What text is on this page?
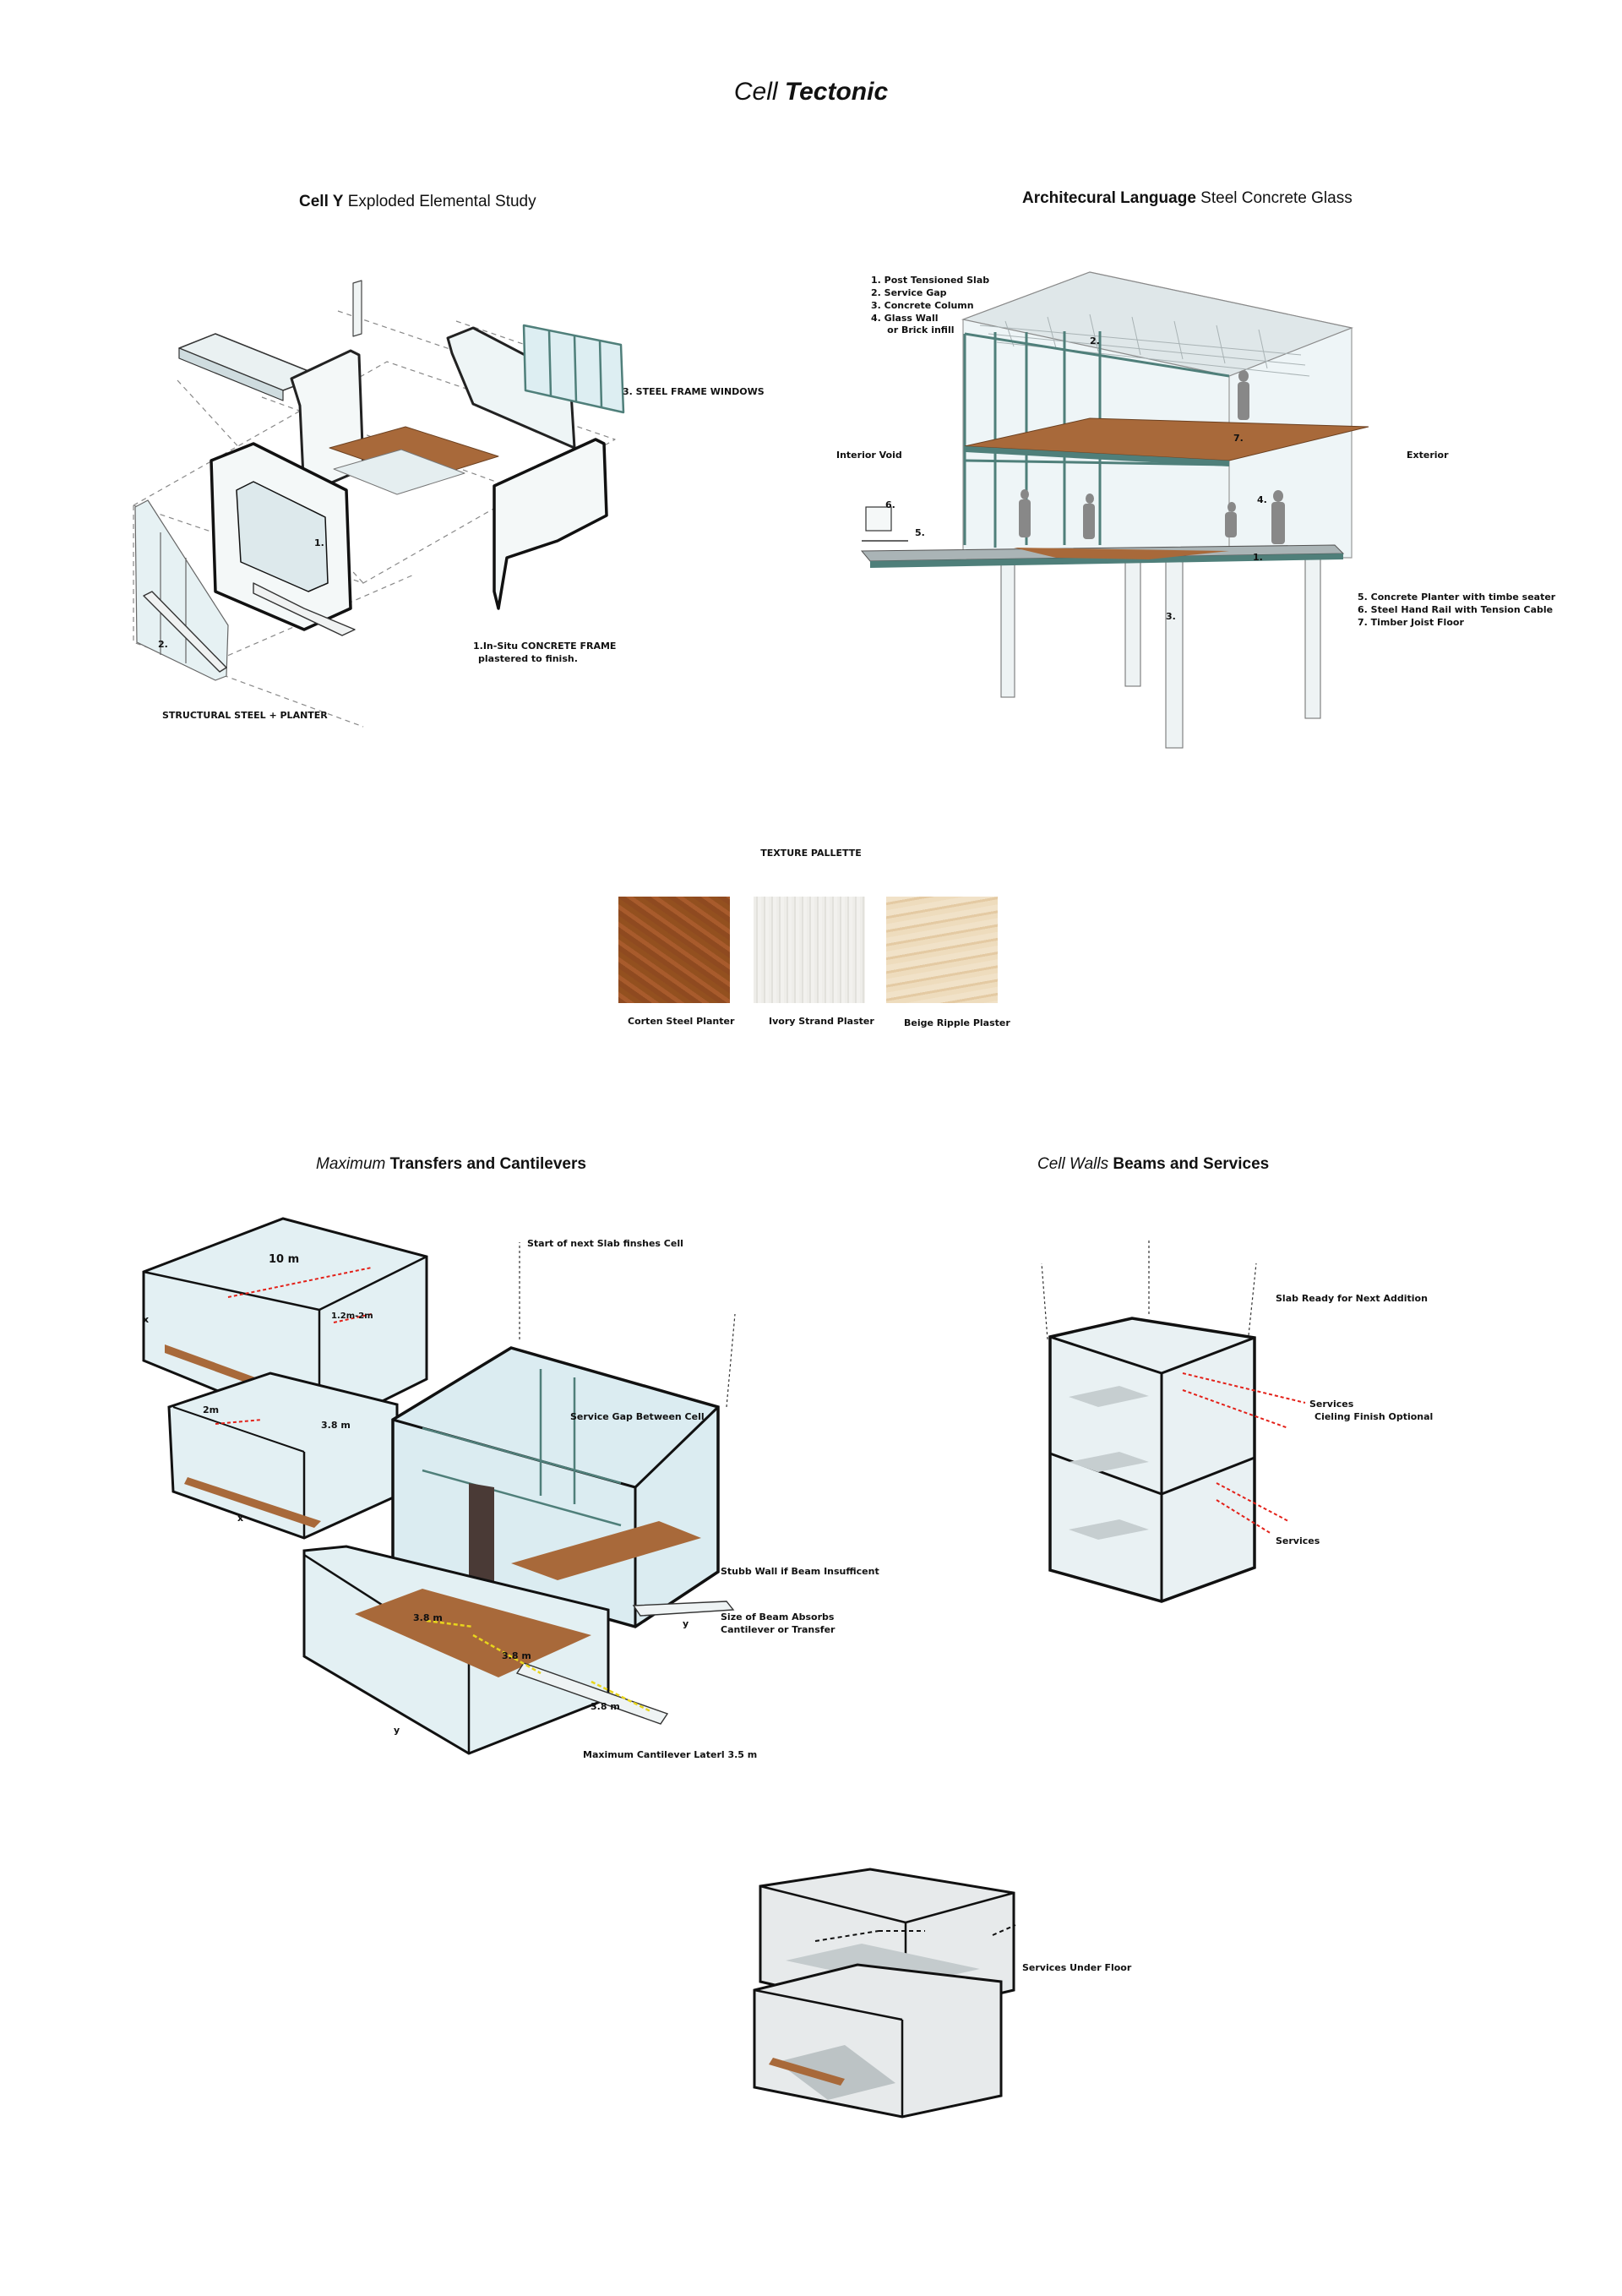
Cell Tectonic
Cell Y Exploded Elemental Study
3. STEEL FRAME WINDOWS
1.
2.	1.In-Situ CONCRETE FRAME
plastered to finish.
STRUCTURAL STEEL + PLANTER
Architecural Language Steel Concrete Glass
1. Post Tensioned Slab
2. Service Gap
3. Concrete Column
4. Glass Wall
or Brick infill
Interior Void	Exterior
2.
1.
3.
4.
5.
6.
7.
5. Concrete Planter with timbe seater
6. Steel Hand Rail with Tension Cable
7. Timber Joist Floor
TEXTURE PALLETTE
Corten Steel Planter	Ivory Strand Plaster	Beige Ripple Plaster
Maximum Transfers and Cantilevers
Start of next Slab finshes Cell
Service Gap Between Cell
Stubb Wall if Beam Insufficent
Size of Beam Absorbs
Cantilever or Transfer
Maximum Cantilever Laterl 3.5 m
10 m
1.2m-2m
2m
3.8 m
3.8 m
3.8 m
3.8 m
x
x
y
y
Cell Walls Beams and Services
Slab Ready for Next Addition
Services
Cieling Finish Optional
Services
Services Under Floor
